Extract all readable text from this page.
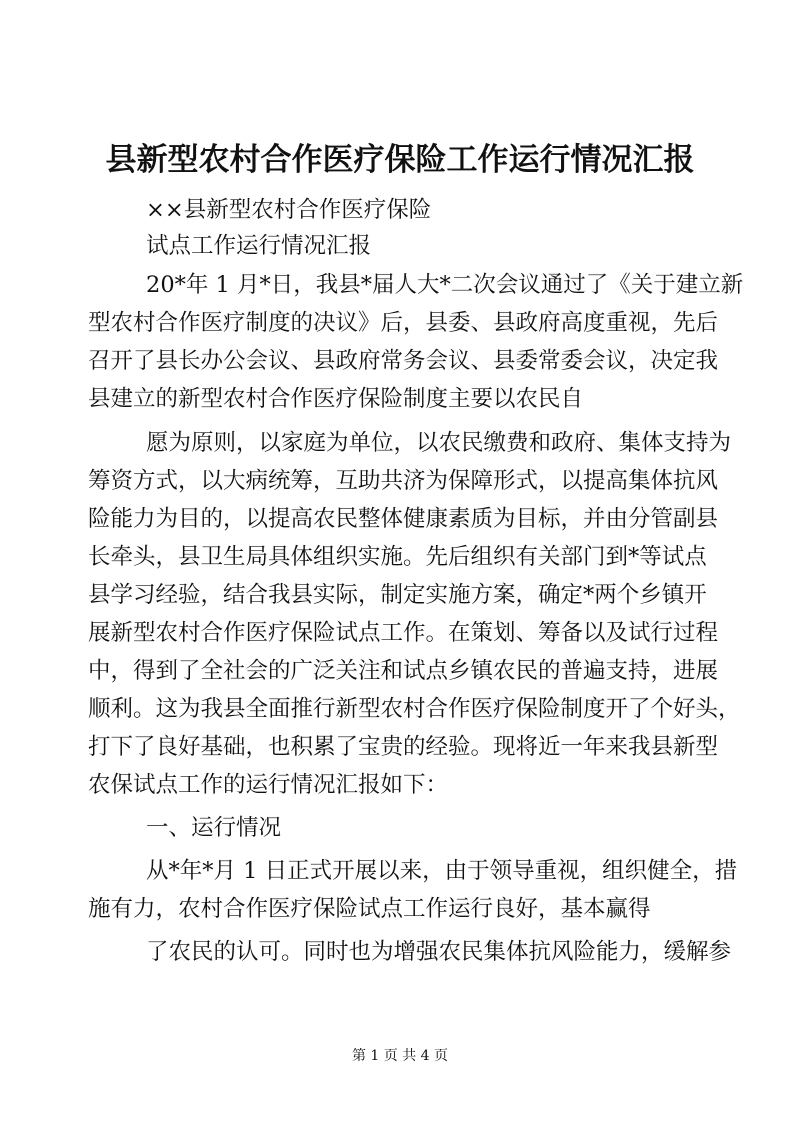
县新型农村合作医疗保险工作运行情况汇报
××县新型农村合作医疗保险
试点工作运行情况汇报
20*年 1 月*日，我县*届人大*二次会议通过了《关于建立新
型农村合作医疗制度的决议》后，县委、县政府高度重视，先后
召开了县长办公会议、县政府常务会议、县委常委会议，决定我
县建立的新型农村合作医疗保险制度主要以农民自
愿为原则，以家庭为单位，以农民缴费和政府、集体支持为
筹资方式，以大病统筹，互助共济为保障形式，以提高集体抗风
险能力为目的，以提高农民整体健康素质为目标，并由分管副县
长牵头，县卫生局具体组织实施。先后组织有关部门到*等试点
县学习经验，结合我县实际，制定实施方案，确定*两个乡镇开
展新型农村合作医疗保险试点工作。在策划、筹备以及试行过程
中，得到了全社会的广泛关注和试点乡镇农民的普遍支持，进展
顺利。这为我县全面推行新型农村合作医疗保险制度开了个好头，
打下了良好基础，也积累了宝贵的经验。现将近一年来我县新型
农保试点工作的运行情况汇报如下：
一、运行情况
从*年*月 1 日正式开展以来，由于领导重视，组织健全，措
施有力，农村合作医疗保险试点工作运行良好，基本赢得
了农民的认可。同时也为增强农民集体抗风险能力，缓解参
第 1 页 共 4 页
